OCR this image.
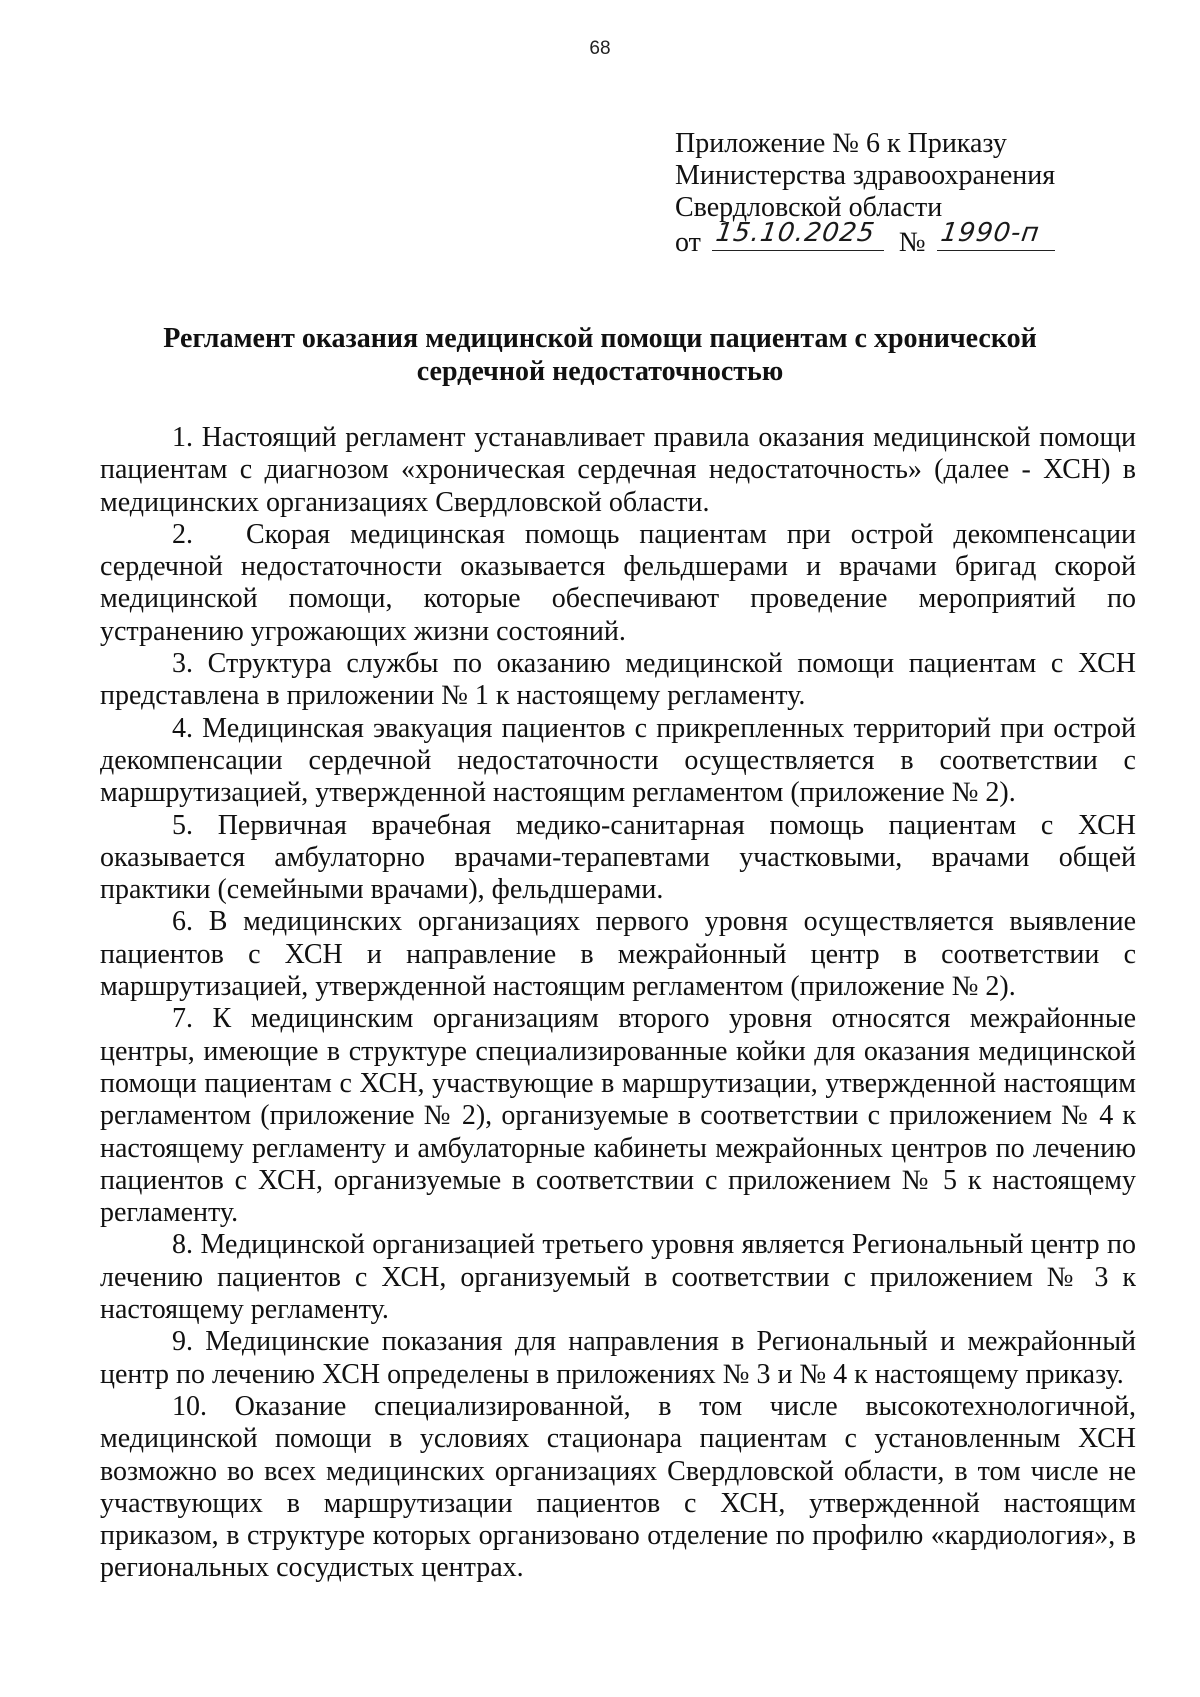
68
Приложение № 6 к Приказу
Министерства здравоохранения
Свердловской области
от 15.10.2025 № 1990-п
Регламент оказания медицинской помощи пациентам с хронической
сердечной недостаточностью

1. Настоящий регламент устанавливает правила оказания медицинской помощи пациентам с диагнозом «хроническая сердечная недостаточность» (далее - ХСН) в медицинских организациях Свердловской области.

2. Скорая медицинская помощь пациентам при острой декомпенсации сердечной недостаточности оказывается фельдшерами и врачами бригад скорой медицинской помощи, которые обеспечивают проведение мероприятий по устранению угрожающих жизни состояний.

3. Структура службы по оказанию медицинской помощи пациентам с ХСН представлена в приложении № 1 к настоящему регламенту.

4. Медицинская эвакуация пациентов с прикрепленных территорий при острой декомпенсации сердечной недостаточности осуществляется в соответствии с маршрутизацией, утвержденной настоящим регламентом (приложение № 2).

5. Первичная врачебная медико-санитарная помощь пациентам с ХСН оказывается амбулаторно врачами-терапевтами участковыми, врачами общей практики (семейными врачами), фельдшерами.

6. В медицинских организациях первого уровня осуществляется выявление пациентов с ХСН и направление в межрайонный центр в соответствии с маршрутизацией, утвержденной настоящим регламентом (приложение № 2).

7. К медицинским организациям второго уровня относятся межрайонные центры, имеющие в структуре специализированные койки для оказания медицинской помощи пациентам с ХСН, участвующие в маршрутизации, утвержденной настоящим регламентом (приложение № 2), организуемые в соответствии с приложением № 4 к настоящему регламенту и амбулаторные кабинеты межрайонных центров по лечению пациентов с ХСН, организуемые в соответствии с приложением № 5 к настоящему регламенту.

8. Медицинской организацией третьего уровня является Региональный центр по лечению пациентов с ХСН, организуемый в соответствии с приложением № 3 к настоящему регламенту.

9. Медицинские показания для направления в Региональный и межрайонный центр по лечению ХСН определены в приложениях № 3 и № 4 к настоящему приказу.

10. Оказание специализированной, в том числе высокотехнологичной, медицинской помощи в условиях стационара пациентам с установленным ХСН возможно во всех медицинских организациях Свердловской области, в том числе не участвующих в маршрутизации пациентов с ХСН, утвержденной настоящим приказом, в структуре которых организовано отделение по профилю «кардиология», в региональных сосудистых центрах.
